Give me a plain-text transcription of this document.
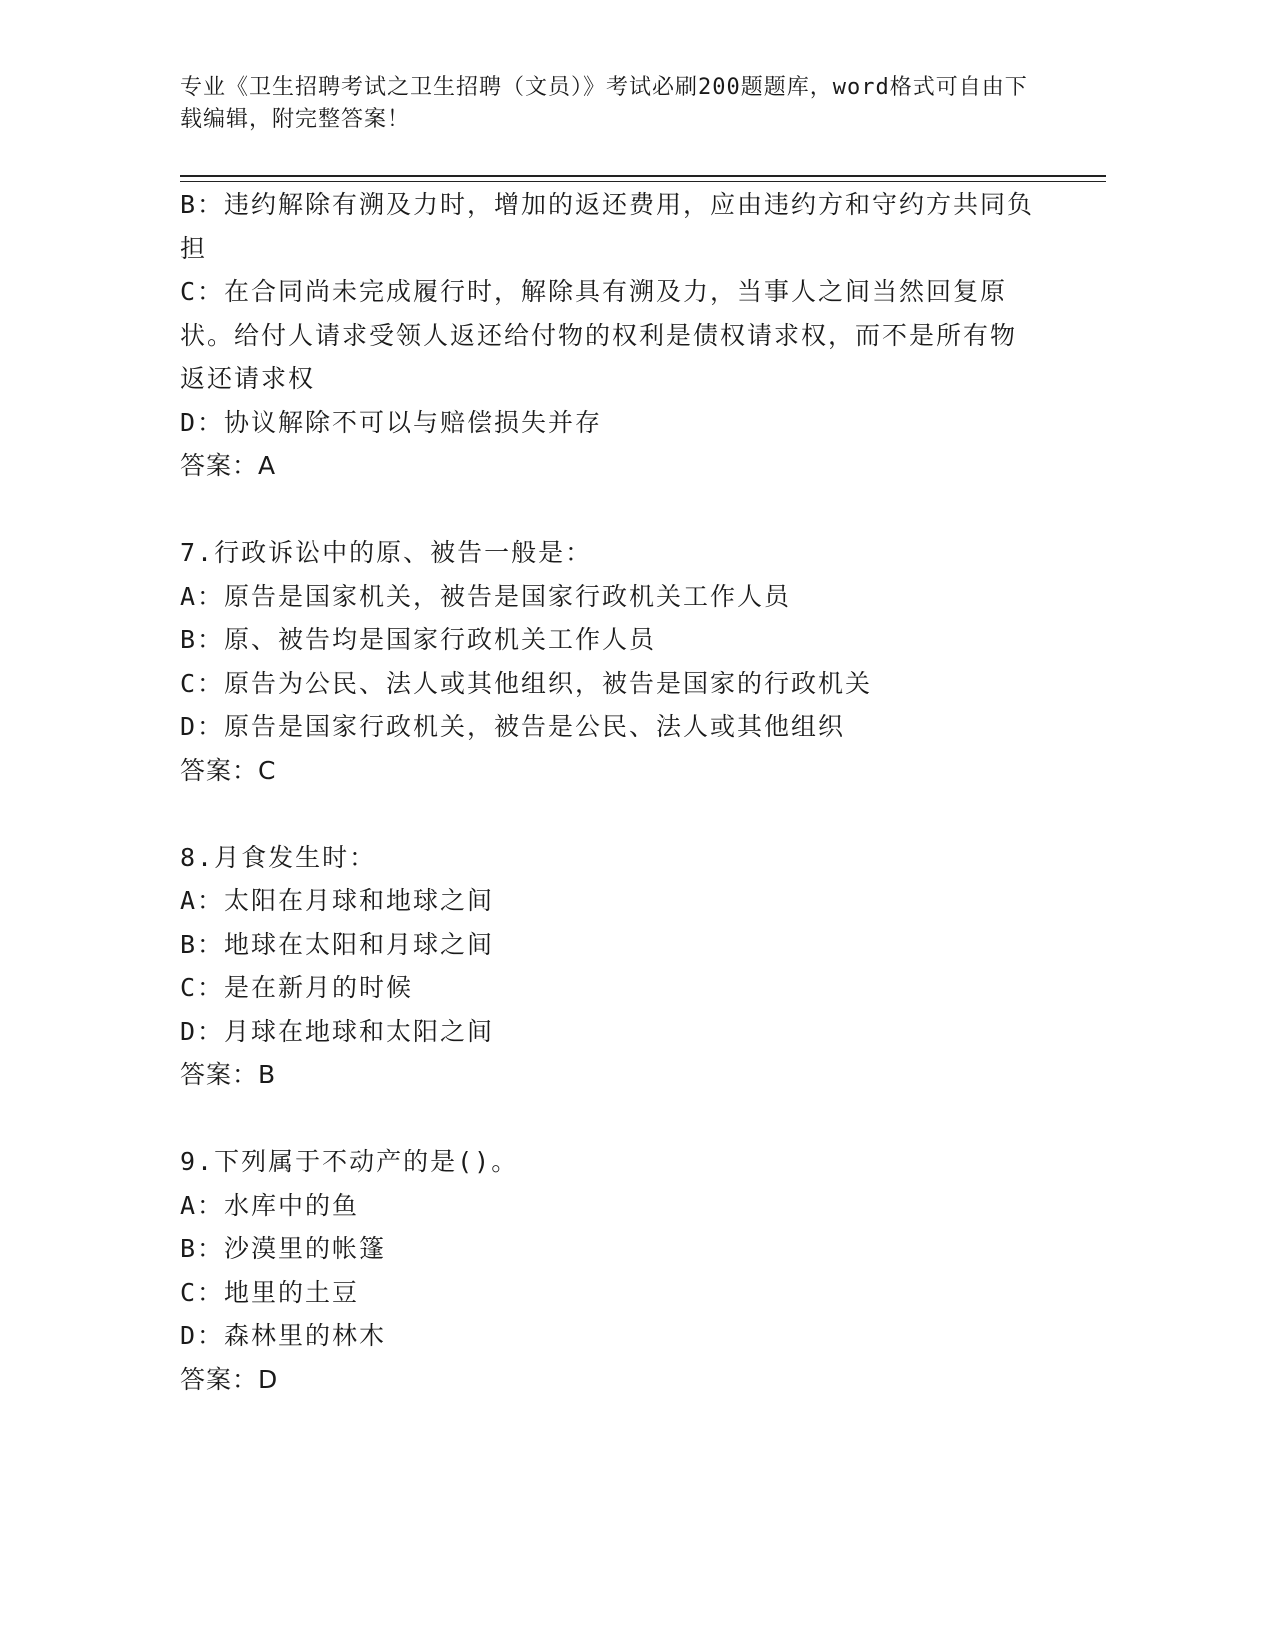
专业《卫生招聘考试之卫生招聘（文员）》考试必刷200题题库，word格式可自由下载编辑，附完整答案！

B：违约解除有溯及力时，增加的返还费用，应由违约方和守约方共同负担

C：在合同尚未完成履行时，解除具有溯及力，当事人之间当然回复原状。给付人请求受领人返还给付物的权利是债权请求权，而不是所有物返还请求权

D：协议解除不可以与赔偿损失并存

答案：A

7.行政诉讼中的原、被告一般是：

A：原告是国家机关，被告是国家行政机关工作人员

B：原、被告均是国家行政机关工作人员

C：原告为公民、法人或其他组织，被告是国家的行政机关

D：原告是国家行政机关，被告是公民、法人或其他组织

答案：C

8.月食发生时：

A：太阳在月球和地球之间

B：地球在太阳和月球之间

C：是在新月的时候

D：月球在地球和太阳之间

答案：B

9.下列属于不动产的是()。

A：水库中的鱼

B：沙漠里的帐篷

C：地里的土豆

D：森林里的林木

答案：D
